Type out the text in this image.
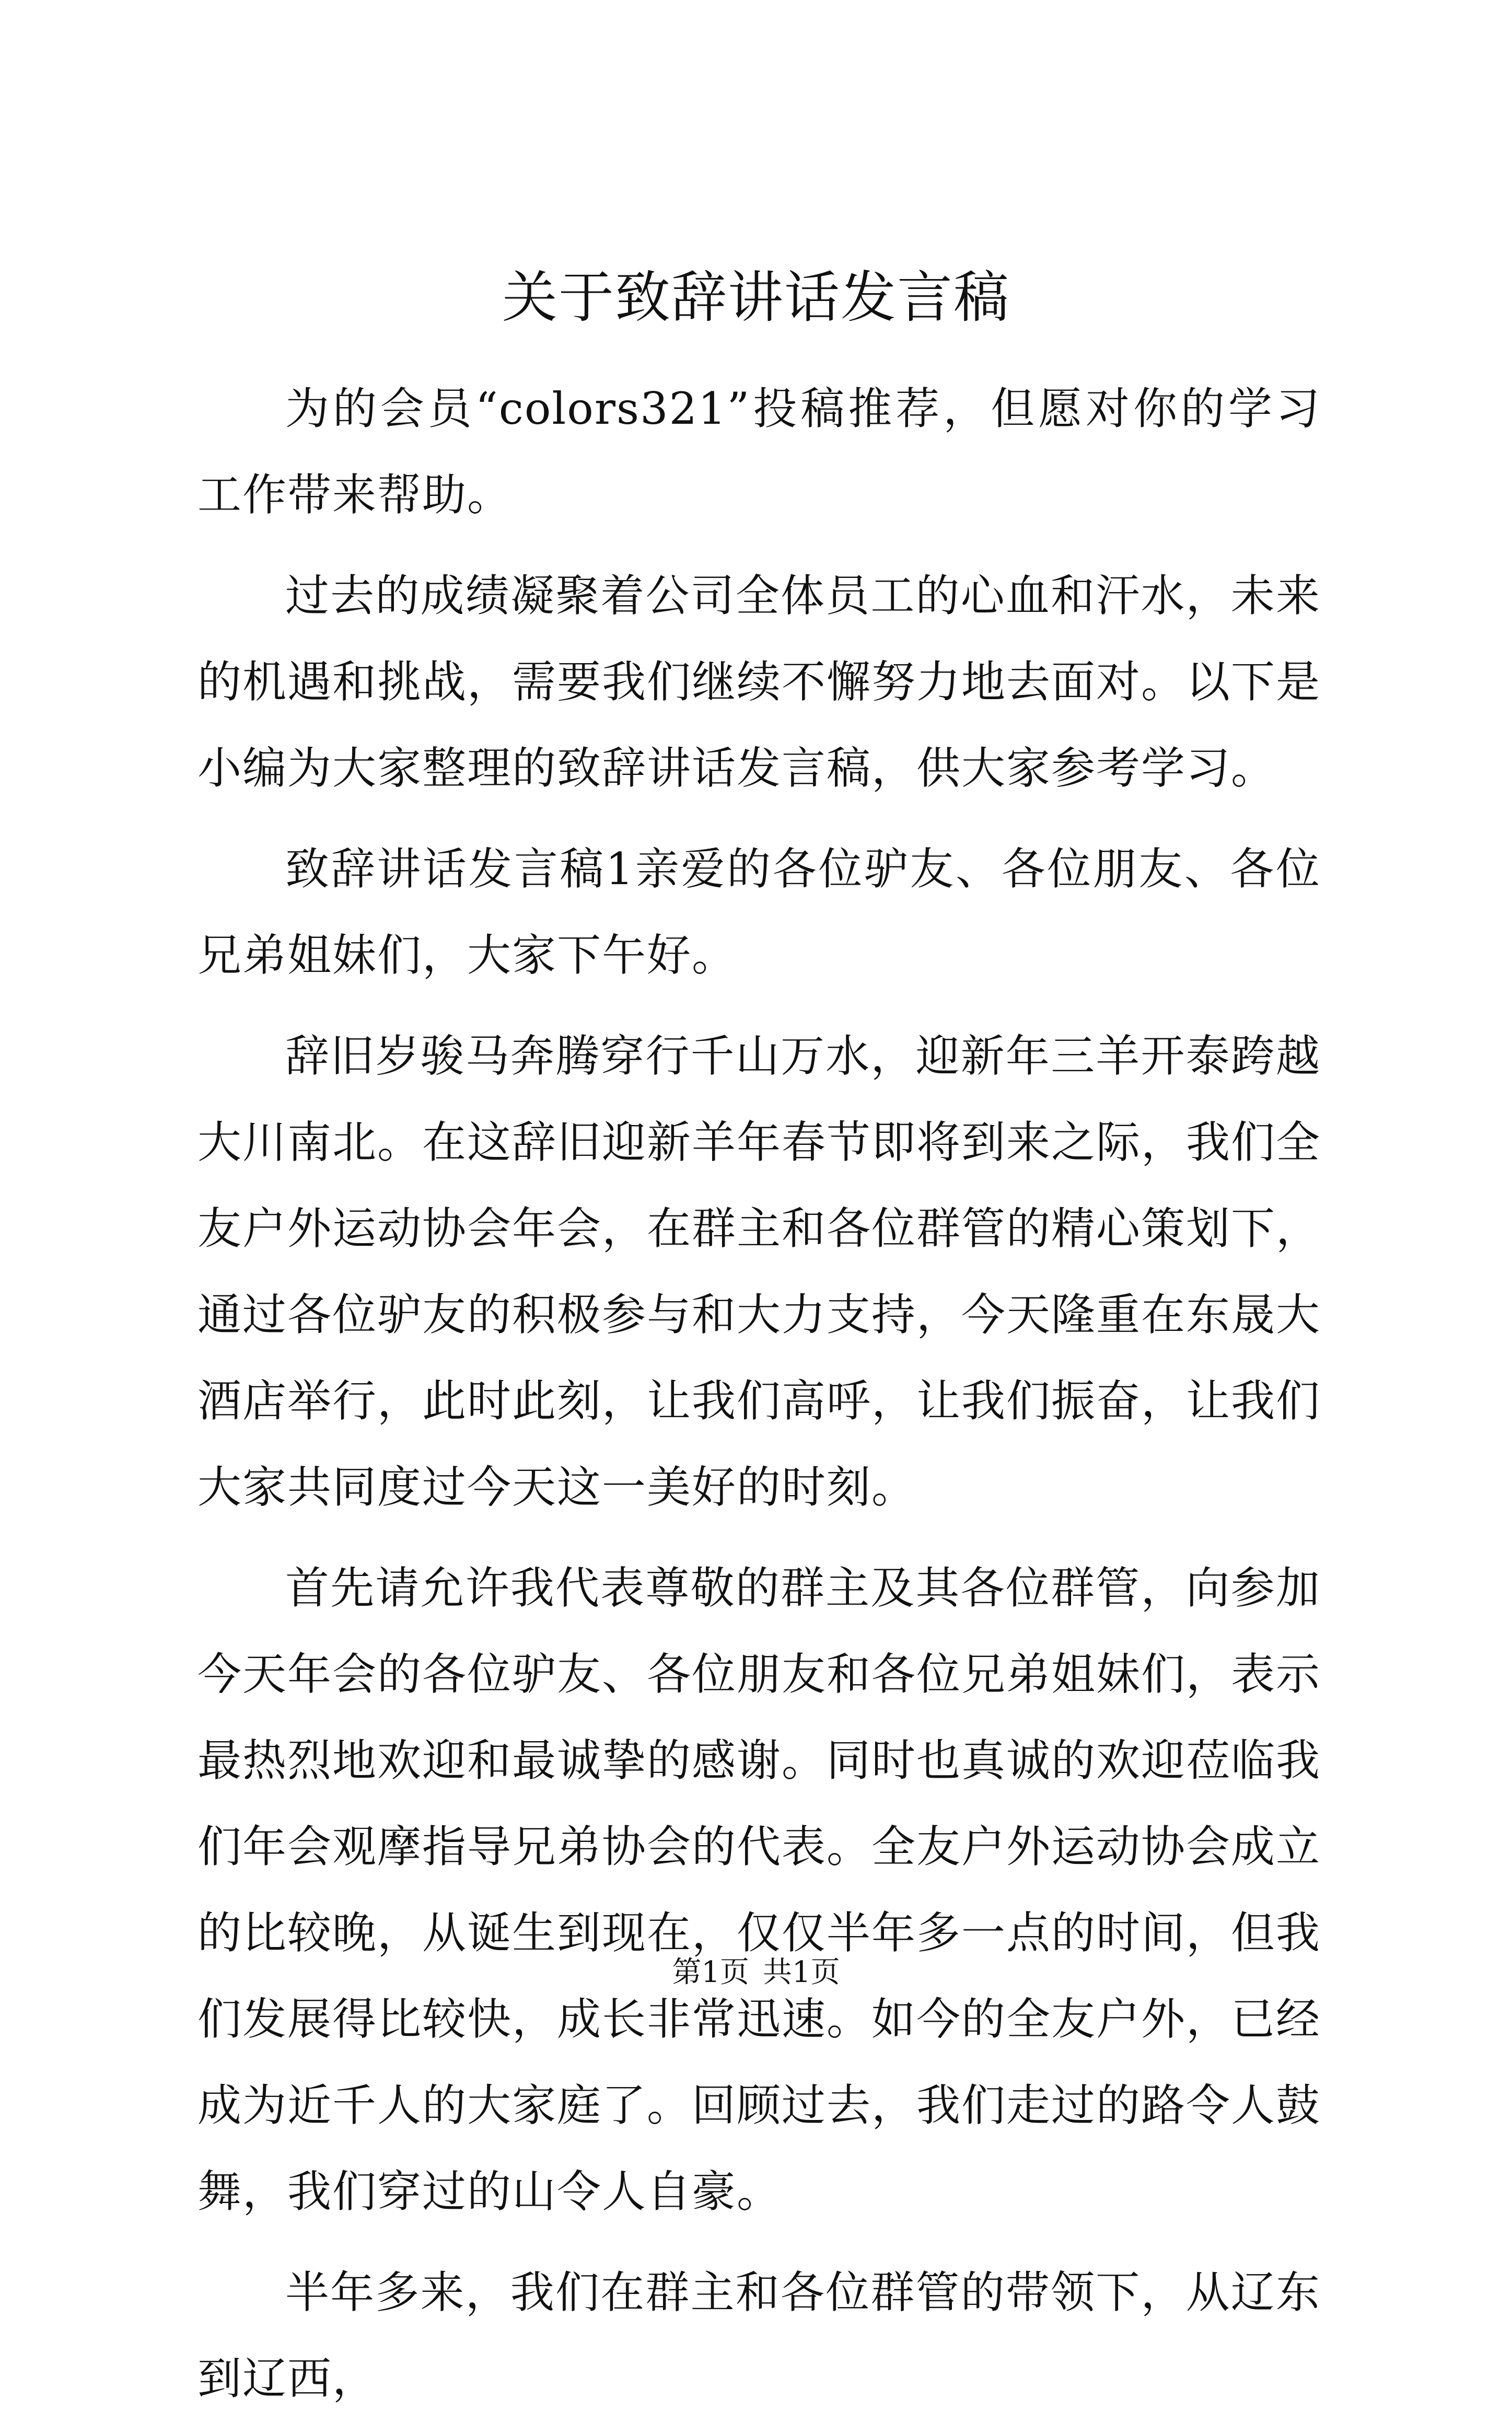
关于致辞讲话发言稿

为的会员“colors321”投稿推荐，但愿对你的学习工作带来帮助。

过去的成绩凝聚着公司全体员工的心血和汗水，未来的机遇和挑战，需要我们继续不懈努力地去面对。以下是小编为大家整理的致辞讲话发言稿，供大家参考学习。

致辞讲话发言稿1亲爱的各位驴友、各位朋友、各位兄弟姐妹们，大家下午好。

辞旧岁骏马奔腾穿行千山万水，迎新年三羊开泰跨越大川南北。在这辞旧迎新羊年春节即将到来之际，我们全友户外运动协会年会，在群主和各位群管的精心策划下，通过各位驴友的积极参与和大力支持，今天隆重在东晟大酒店举行，此时此刻，让我们高呼，让我们振奋，让我们大家共同度过今天这一美好的时刻。

首先请允许我代表尊敬的群主及其各位群管，向参加今天年会的各位驴友、各位朋友和各位兄弟姐妹们，表示最热烈地欢迎和最诚挚的感谢。同时也真诚的欢迎莅临我们年会观摩指导兄弟协会的代表。全友户外运动协会成立的比较晚，从诞生到现在，仅仅半年多一点的时间，但我们发展得比较快，成长非常迅速。如今的全友户外，已经成为近千人的大家庭了。回顾过去，我们走过的路令人鼓舞，我们穿过的山令人自豪。

半年多来，我们在群主和各位群管的带领下，从辽东到辽西，

第1页 共1页
